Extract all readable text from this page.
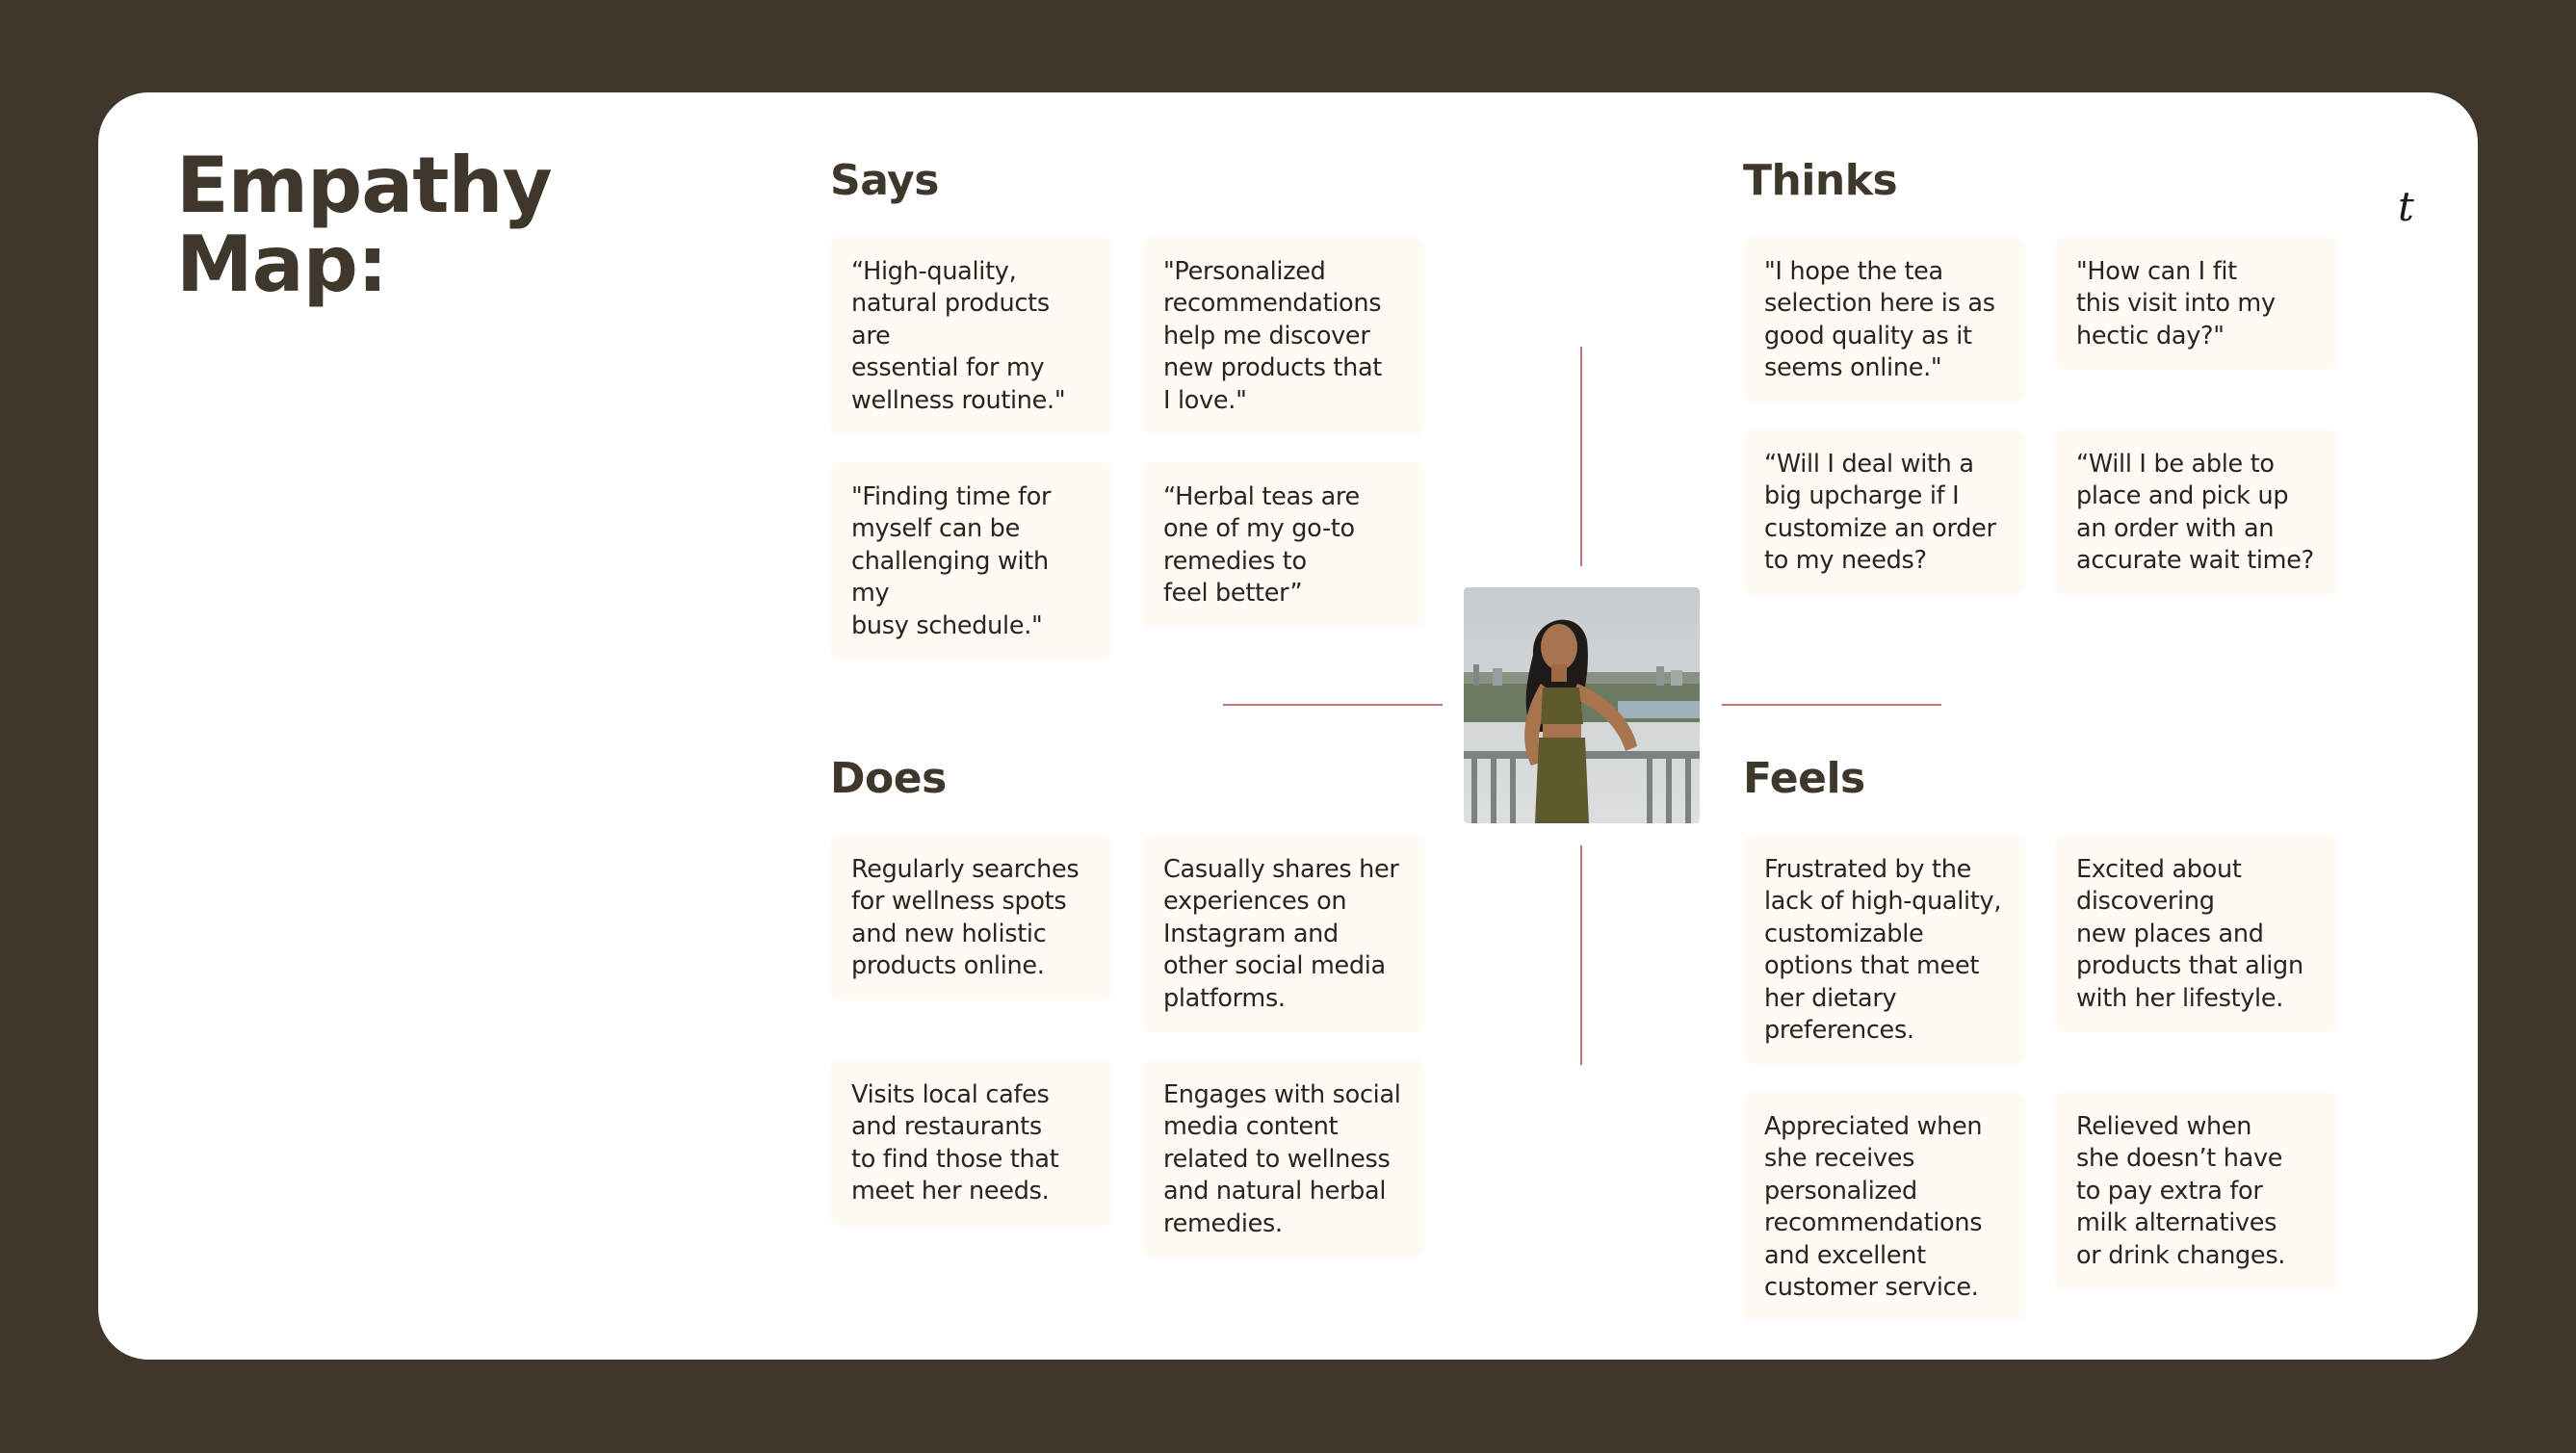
Empathy
Map:
t
Says
“High-quality,
natural products are
essential for my
wellness routine."
"Personalized
recommendations
help me discover
new products that
I love."
"Finding time for
myself can be
challenging with my
busy schedule."
“Herbal teas are
one of my go-to
remedies to
feel better”
Thinks
"I hope the tea
selection here is as
good quality as it
seems online."
"How can I fit
this visit into my
hectic day?"
“Will I deal with a
big upcharge if I
customize an order
to my needs?
“Will I be able to
place and pick up
an order with an
accurate wait time?
Does
Regularly searches
for wellness spots
and new holistic
products online.
Casually shares her
experiences on
Instagram and
other social media
platforms.
Visits local cafes
and restaurants
to find those that
meet her needs.
Engages with social
media content
related to wellness
and natural herbal
remedies.
Feels
Frustrated by the
lack of high-quality,
customizable
options that meet
her dietary
preferences.
Excited about
discovering
new places and
products that align
with her lifestyle.
Appreciated when
she receives
personalized
recommendations
and excellent
customer service.
Relieved when
she doesn’t have
to pay extra for
milk alternatives
or drink changes.
